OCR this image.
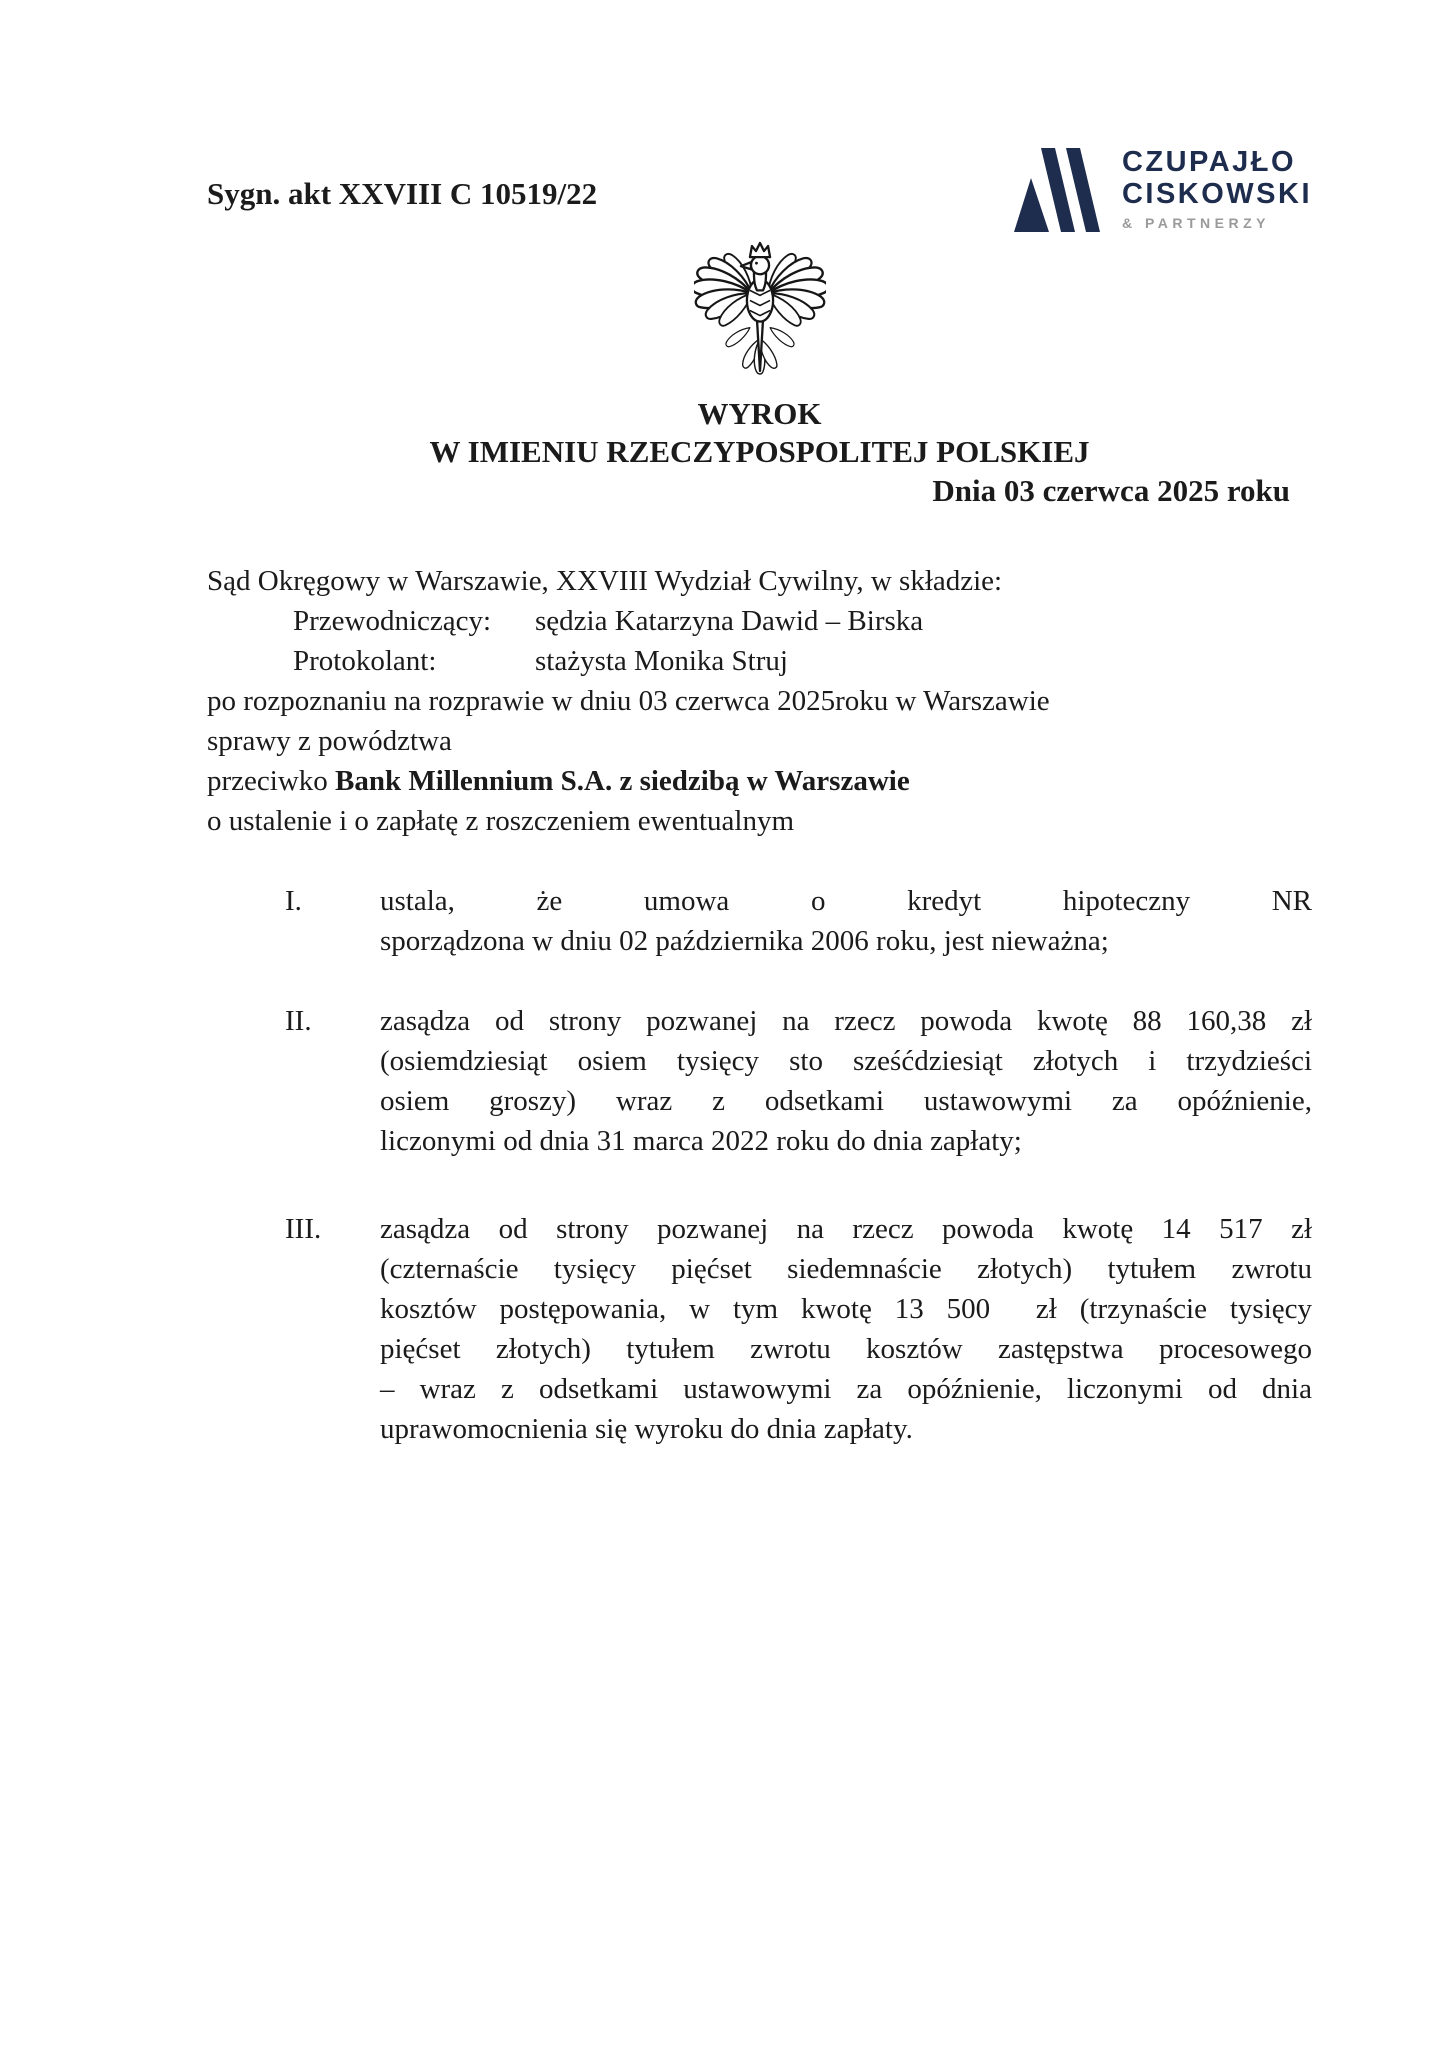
Sygn. akt XXVIII C 10519/22
CZUPAJŁO
CISKOWSKI
& PARTNERZY
WYROK
W IMIENIU RZECZYPOSPOLITEJ POLSKIEJ
Dnia 03 czerwca 2025 roku
Sąd Okręgowy w Warszawie, XXVIII Wydział Cywilny, w składzie:
Przewodniczący:	sędzia Katarzyna Dawid – Birska
Protokolant:	stażysta Monika Struj
po rozpoznaniu na rozprawie w dniu 03 czerwca 2025roku w Warszawie
sprawy z powództwa
przeciwko Bank Millennium S.A. z siedzibą w Warszawie
o ustalenie i o zapłatę z roszczeniem ewentualnym
I.	ustala, że umowa o kredyt hipoteczny NR
sporządzona w dniu 02 października 2006 roku, jest nieważna;
II.	zasądza od strony pozwanej na rzecz powoda kwotę 88 160,38 zł
(osiemdziesiąt osiem tysięcy sto sześćdziesiąt złotych i trzydzieści
osiem groszy) wraz z odsetkami ustawowymi za opóźnienie,
liczonymi od dnia 31 marca 2022 roku do dnia zapłaty;
III.	zasądza od strony pozwanej na rzecz powoda kwotę 14 517 zł
(czternaście tysięcy pięćset siedemnaście złotych) tytułem zwrotu
kosztów postępowania, w tym kwotę 13 500  zł (trzynaście tysięcy
pięćset złotych) tytułem zwrotu kosztów zastępstwa procesowego
– wraz z odsetkami ustawowymi za opóźnienie, liczonymi od dnia
uprawomocnienia się wyroku do dnia zapłaty.
